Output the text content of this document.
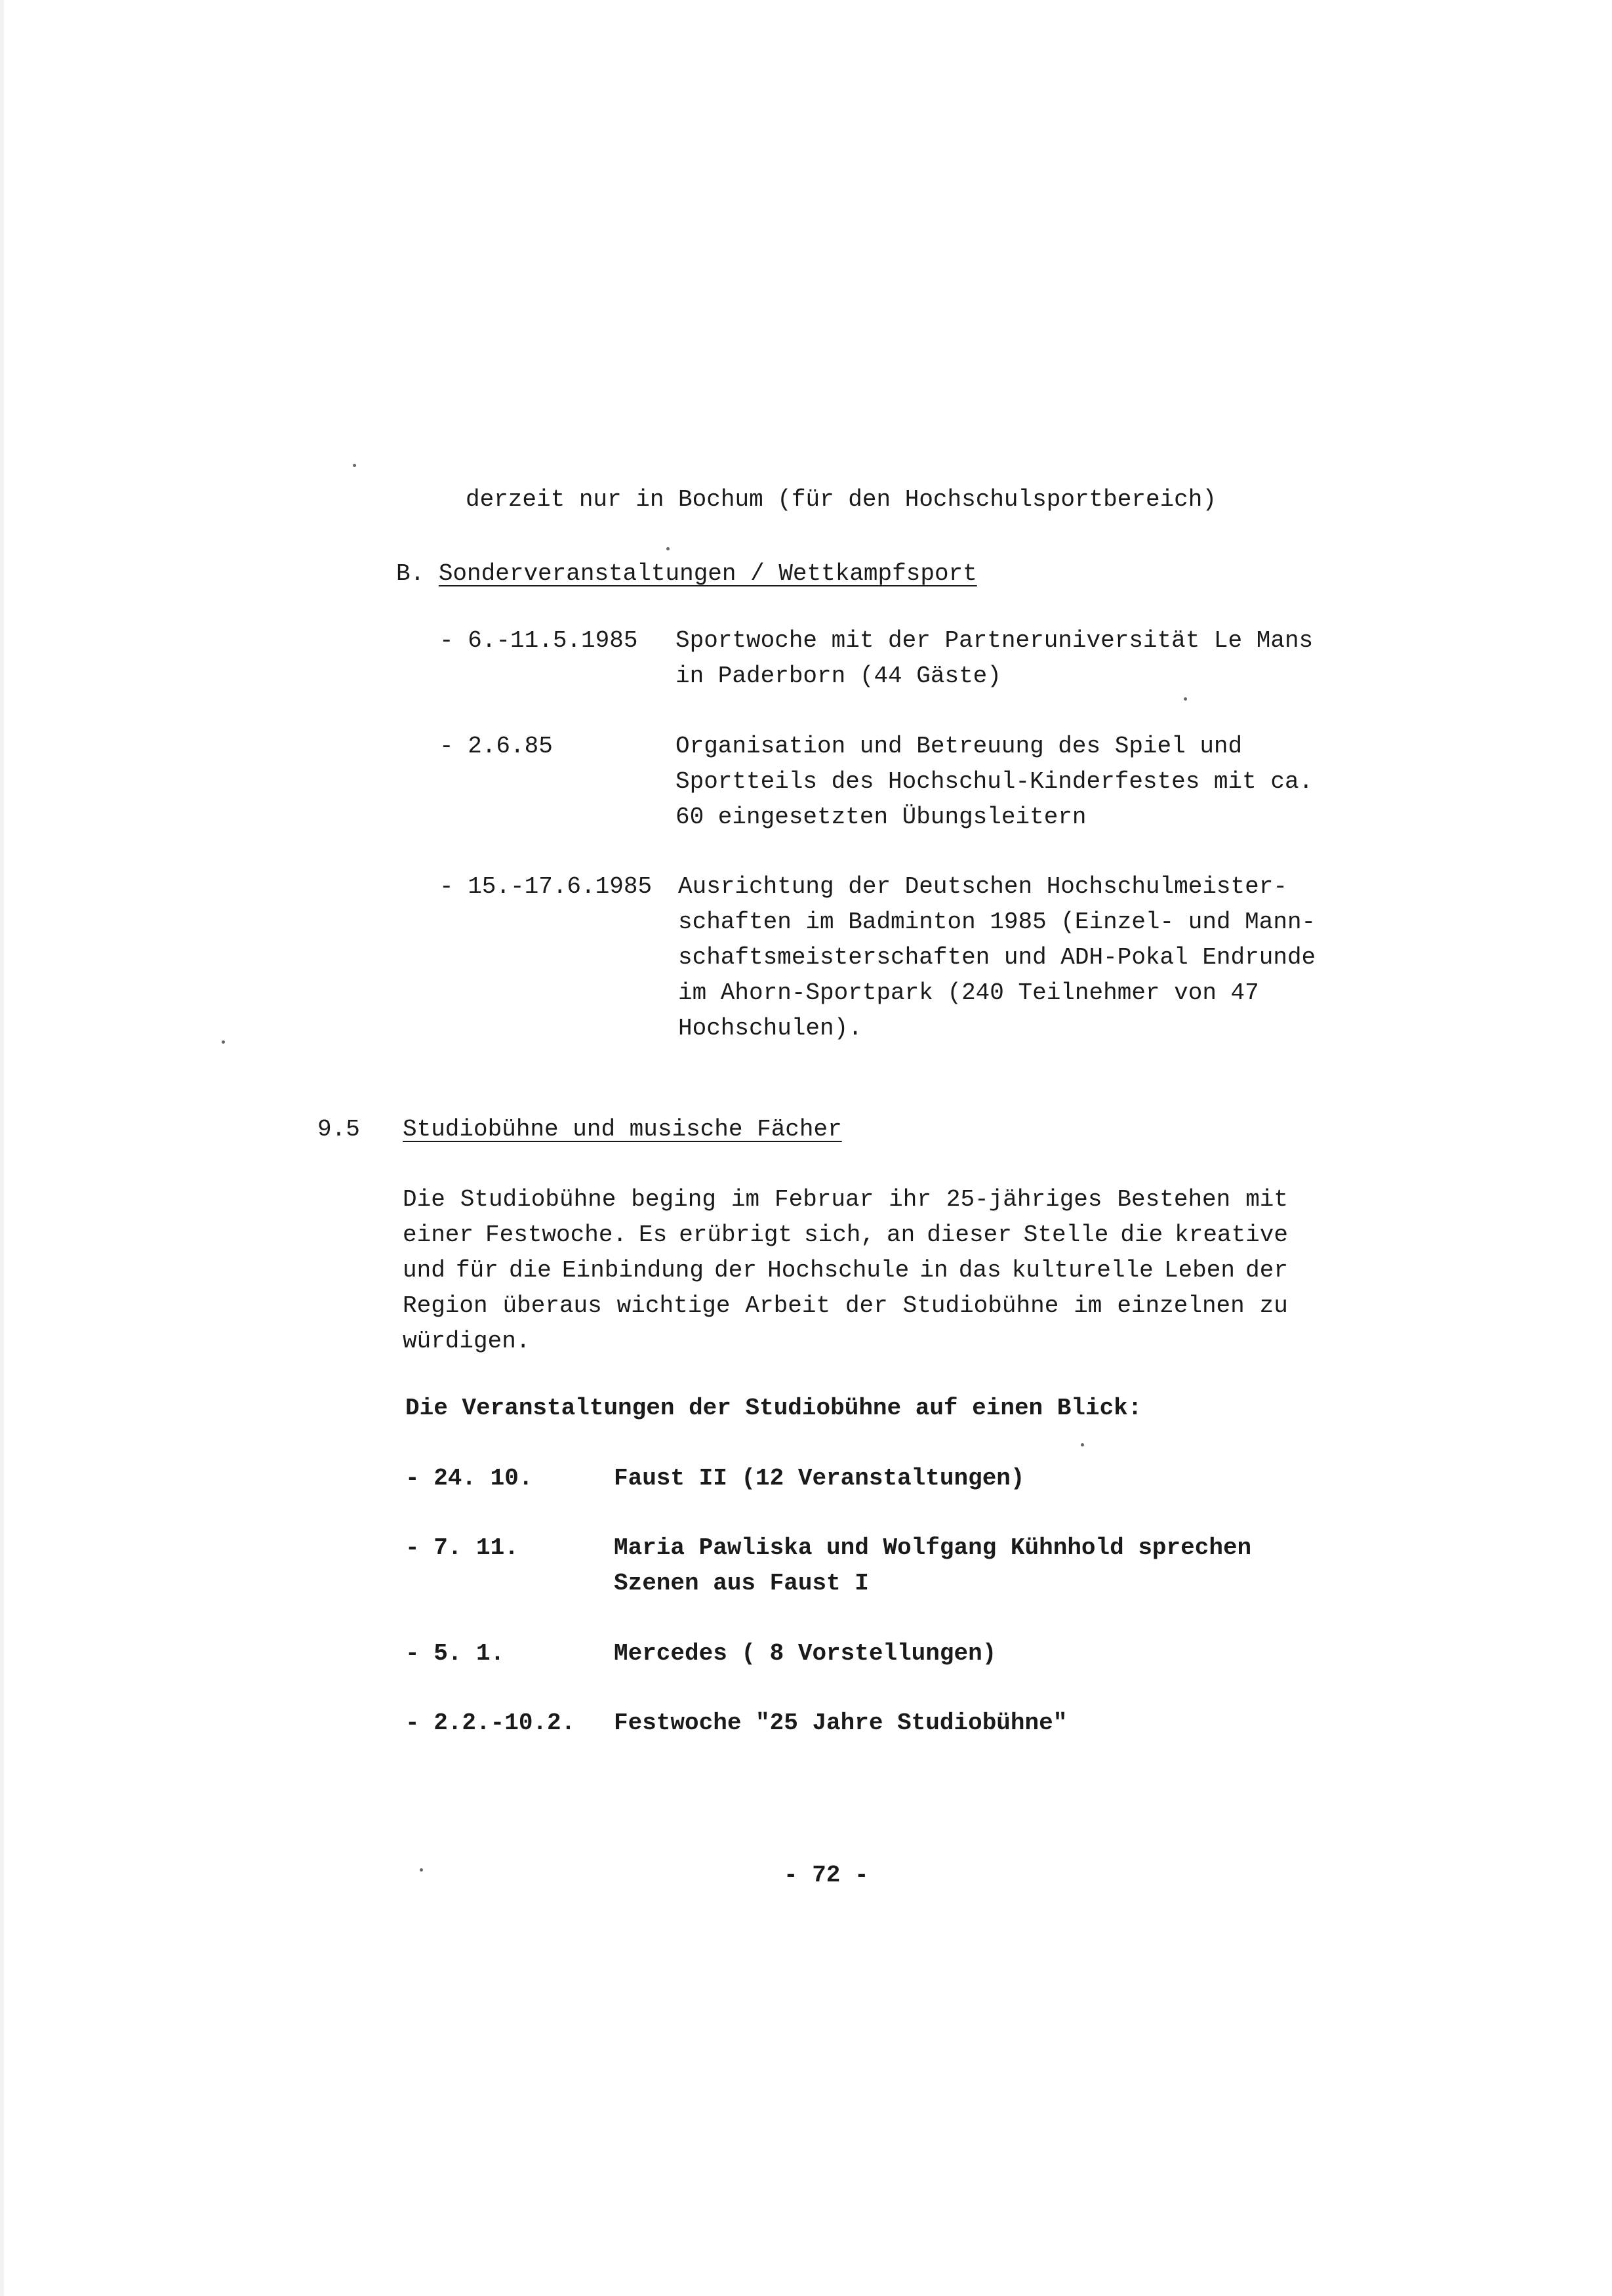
derzeit nur in Bochum (für den Hochschulsportbereich)
B. Sonderveranstaltungen / Wettkampfsport
- 6.-11.5.1985 Sportwoche mit der Partneruniversität Le Mans
in Paderborn (44 Gäste)
- 2.6.85	Organisation und Betreuung des Spiel und
Sportteils des Hochschul-Kinderfestes mit ca.
60 eingesetzten Übungsleitern
- 15.-17.6.1985 Ausrichtung der Deutschen Hochschulmeister-
schaften im Badminton 1985 (Einzel- und Mann-
schaftsmeisterschaften und ADH-Pokal Endrunde
im Ahorn-Sportpark (240 Teilnehmer von 47
Hochschulen).
9.5 Studiobühne und musische Fächer
Die Studiobühne beging im Februar ihr 25-jähriges Bestehen mit
einer Festwoche. Es erübrigt sich, an dieser Stelle die kreative
und für die Einbindung der Hochschule in das kulturelle Leben der
Region überaus wichtige Arbeit der Studiobühne im einzelnen zu
würdigen.
Die Veranstaltungen der Studiobühne auf einen Blick:
- 24. 10.	Faust II (12 Veranstaltungen)
- 7. 11.	Maria Pawliska und Wolfgang Kühnhold sprechen
Szenen aus Faust I
- 5. 1.	Mercedes ( 8 Vorstellungen)
- 2.2.-10.2. Festwoche "25 Jahre Studiobühne"
- 72 -
